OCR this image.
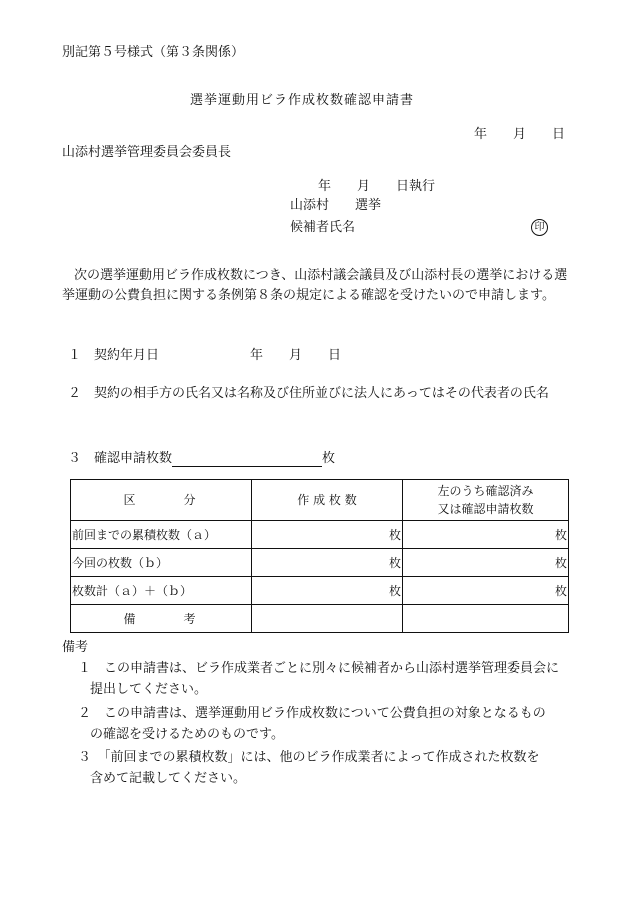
別記第５号様式（第３条関係）
選挙運動用ビラ作成枚数確認申請書
年　　月　　日
山添村選挙管理委員会委員長
年　　月　　日執行
山添村　　選挙
候補者氏名	印
次の選挙運動用ビラ作成枚数につき、山添村議会議員及び山添村長の選挙における選挙運動の公費負担に関する条例第８条の規定による確認を受けたいので申請します。
１　契約年月日	年　　月　　日
２　契約の相手方の氏名又は名称及び住所並びに法人にあってはその代表者の氏名
３　確認申請枚数	枚
区　　　分	作 成 枚 数	左のうち確認済み
又は確認申請枚数

前回までの累積枚数（ａ）	枚	枚
今回の枚数（ｂ）	枚	枚
枚数計（ａ）＋（ｂ）	枚	枚
備　　　考		
備考
１　この申請書は、ビラ作成業者ごとに別々に候補者から山添村選挙管理委員会に
提出してください。
２　この申請書は、選挙運動用ビラ作成枚数について公費負担の対象となるもの
の確認を受けるためのものです。
３　「前回までの累積枚数」には、他のビラ作成業者によって作成された枚数を
含めて記載してください。
